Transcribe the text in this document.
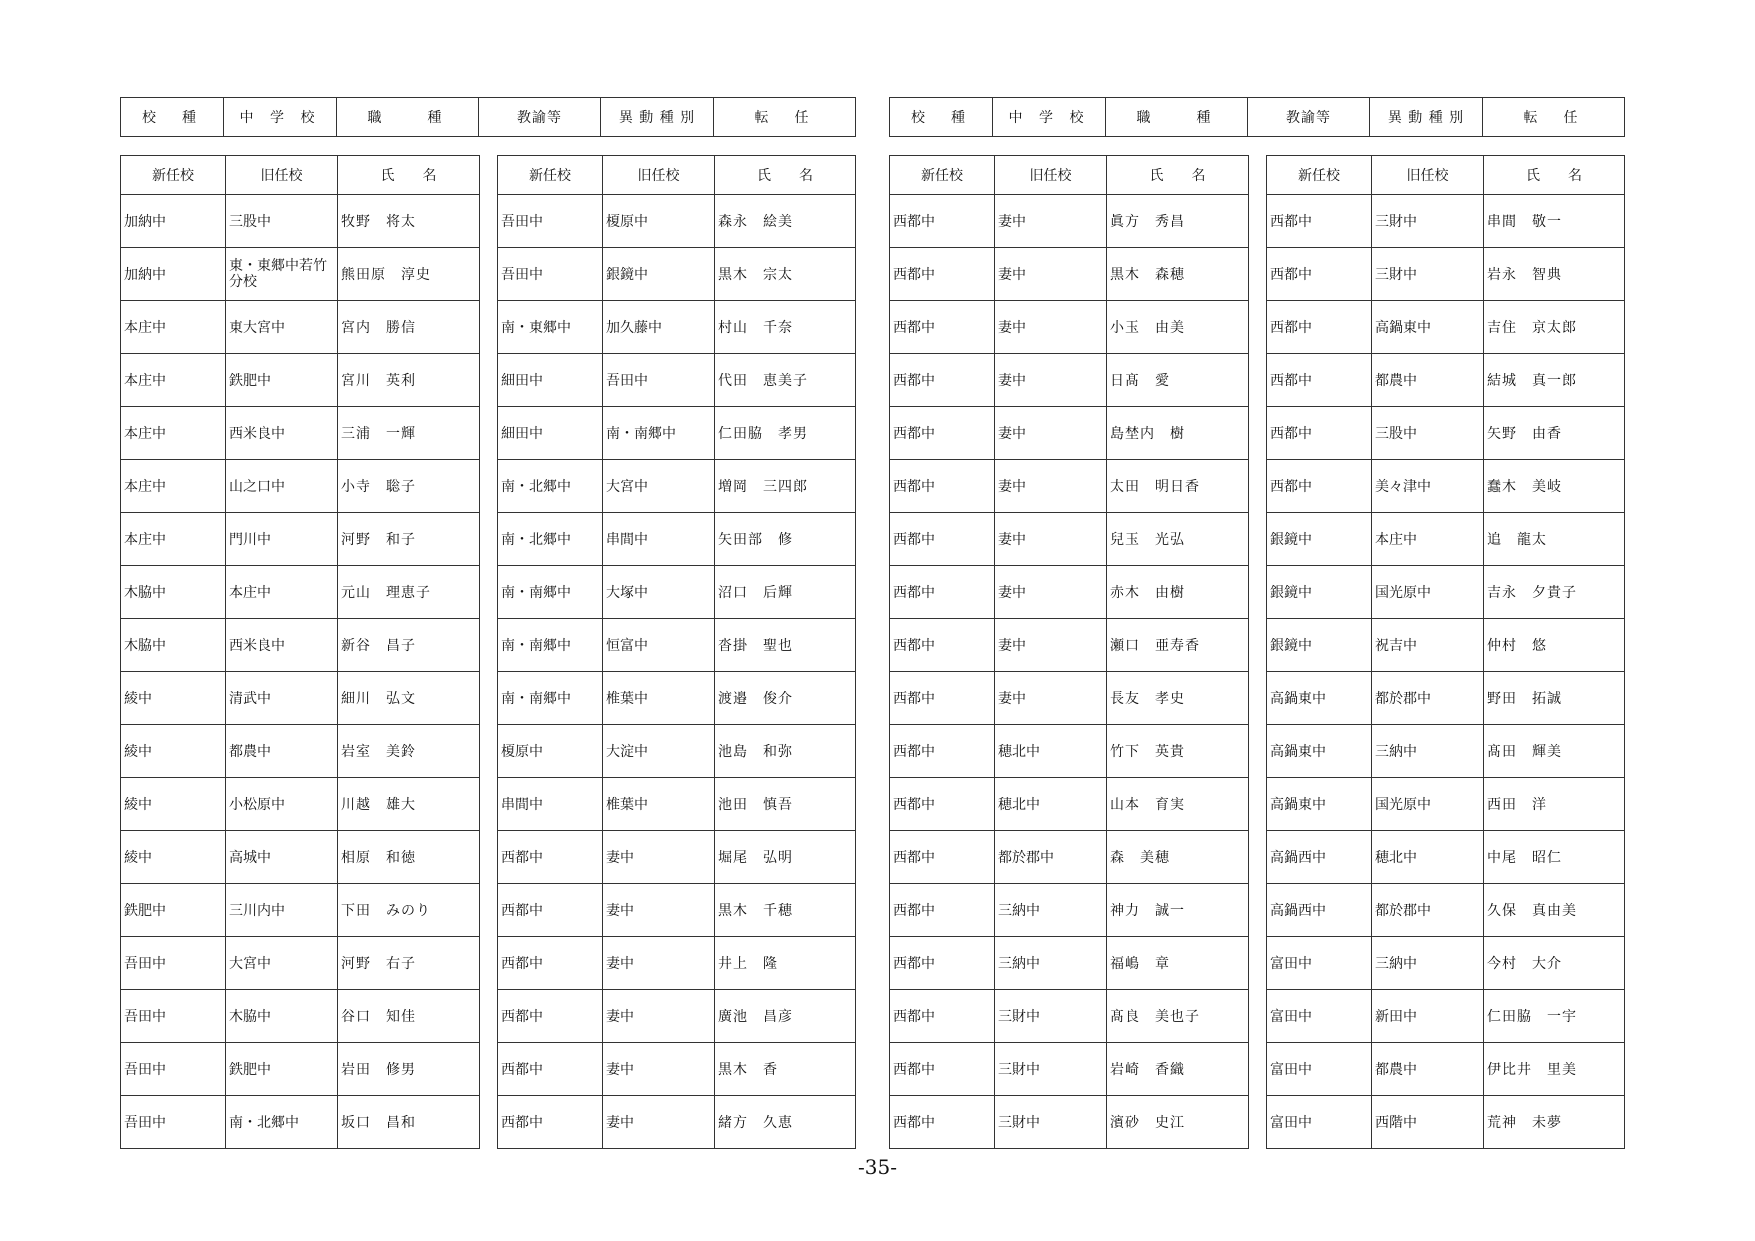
校　種	中 学 校	職　　種	教諭等	異 動 種 別	転　任	校　種	中 学 校	職　　種	教諭等	異 動 種 別	転　任
新任校	旧任校	氏　　名
加納中	三股中	牧野　将太
加納中	東・東郷中若竹分校	熊田原　淳史
本庄中	東大宮中	宮内　勝信
本庄中	鉄肥中	宮川　英利
本庄中	西米良中	三浦　一輝
本庄中	山之口中	小寺　聡子
本庄中	門川中	河野　和子
木脇中	本庄中	元山　理恵子
木脇中	西米良中	新谷　昌子
綾中	清武中	細川　弘文
綾中	都農中	岩室　美鈴
綾中	小松原中	川越　雄大
綾中	高城中	相原　和徳
鉄肥中	三川内中	下田　みのり
吾田中	大宮中	河野　右子
吾田中	木脇中	谷口　知佳
吾田中	鉄肥中	岩田　修男
吾田中	南・北郷中	坂口　昌和
新任校	旧任校	氏　　名
吾田中	榎原中	森永　絵美
吾田中	銀鏡中	黒木　宗太
南・東郷中	加久藤中	村山　千奈
細田中	吾田中	代田　恵美子
細田中	南・南郷中	仁田脇　孝男
南・北郷中	大宮中	増岡　三四郎
南・北郷中	串間中	矢田部　修
南・南郷中	大塚中	沼口　后輝
南・南郷中	恒富中	沓掛　聖也
南・南郷中	椎葉中	渡邉　俊介
榎原中	大淀中	池島　和弥
串間中	椎葉中	池田　慎吾
西都中	妻中	堀尾　弘明
西都中	妻中	黒木　千穂
西都中	妻中	井上　隆
西都中	妻中	廣池　昌彦
西都中	妻中	黒木　香
西都中	妻中	緒方　久恵
新任校	旧任校	氏　　名
西都中	妻中	眞方　秀昌
西都中	妻中	黒木　森穂
西都中	妻中	小玉　由美
西都中	妻中	日髙　愛
西都中	妻中	島埜内　樹
西都中	妻中	太田　明日香
西都中	妻中	兒玉　光弘
西都中	妻中	赤木　由樹
西都中	妻中	瀬口　亜寿香
西都中	妻中	長友　孝史
西都中	穂北中	竹下　英貴
西都中	穂北中	山本　育実
西都中	都於郡中	森　美穂
西都中	三納中	神力　誠一
西都中	三納中	福嶋　章
西都中	三財中	髙良　美也子
西都中	三財中	岩崎　香織
西都中	三財中	濱砂　史江
新任校	旧任校	氏　　名
西都中	三財中	串間　敬一
西都中	三財中	岩永　智典
西都中	高鍋東中	吉住　京太郎
西都中	都農中	結城　真一郎
西都中	三股中	矢野　由香
西都中	美々津中	蠢木　美岐
銀鏡中	本庄中	追　龍太
銀鏡中	国光原中	吉永　夕貴子
銀鏡中	祝吉中	仲村　悠
高鍋東中	都於郡中	野田　拓誠
高鍋東中	三納中	髙田　輝美
高鍋東中	国光原中	西田　洋
高鍋西中	穂北中	中尾　昭仁
高鍋西中	都於郡中	久保　真由美
富田中	三納中	今村　大介
富田中	新田中	仁田脇　一宇
富田中	都農中	伊比井　里美
富田中	西階中	荒神　未夢
-35-
